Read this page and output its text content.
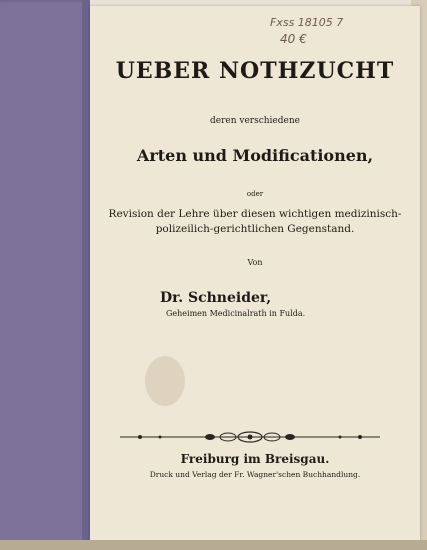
Fxss 18105 7
40 €
UEBER NOTHZUCHT
deren verschiedene
Arten und Modificationen,
oder
Revision der Lehre über diesen wichtigen medizinisch-
polizeilich-gerichtlichen Gegenstand.
Von
Dr. Schneider,
Geheimen Medicinalrath in Fulda.
Freiburg im Breisgau.
Druck und Verlag der Fr. Wagner'schen Buchhandlung.
